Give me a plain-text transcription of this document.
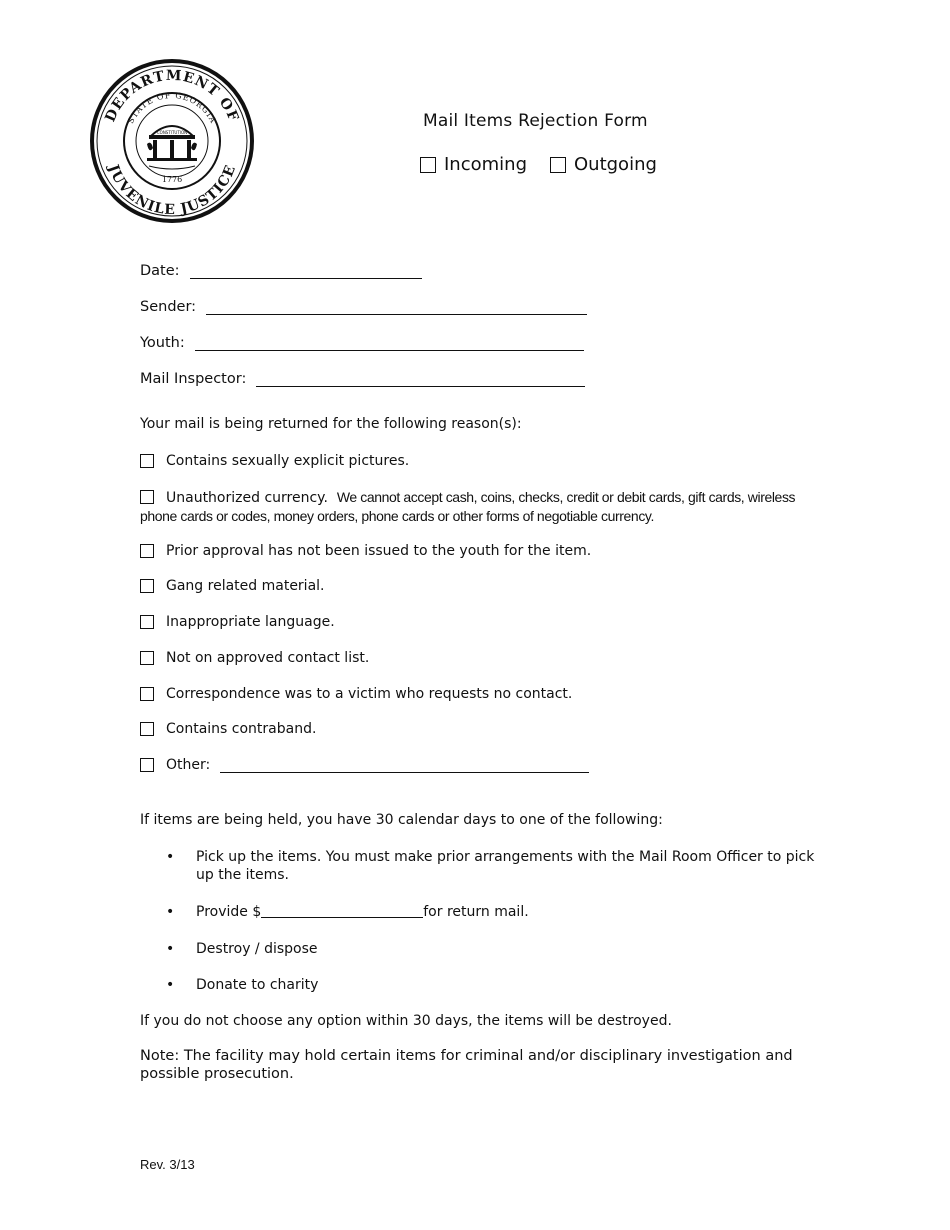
DEPARTMENT OF
JUVENILE JUSTICE
STATE OF GEORGIA
CONSTITUTION
1776
Mail Items Rejection Form
Incoming	Outgoing
Date:
Sender:
Youth:
Mail Inspector:
Your mail is being returned for the following reason(s):
Contains sexually explicit pictures.
Unauthorized currency. We cannot accept cash, coins, checks, credit or debit cards, gift cards, wireless phone cards or codes, money orders, phone cards or other forms of negotiable currency.
Prior approval has not been issued to the youth for the item.
Gang related material.
Inappropriate language.
Not on approved contact list.
Correspondence was to a victim who requests no contact.
Contains contraband.
Other:
If items are being held, you have 30 calendar days to one of the following:
•
Pick up the items. You must make prior arrangements with the Mail Room Officer to pick up the items.
•
Provide $	for return mail.
•
Destroy / dispose
•
Donate to charity
If you do not choose any option within 30 days, the items will be destroyed.
Note: The facility may hold certain items for criminal and/or disciplinary investigation and possible prosecution.
Rev. 3/13
